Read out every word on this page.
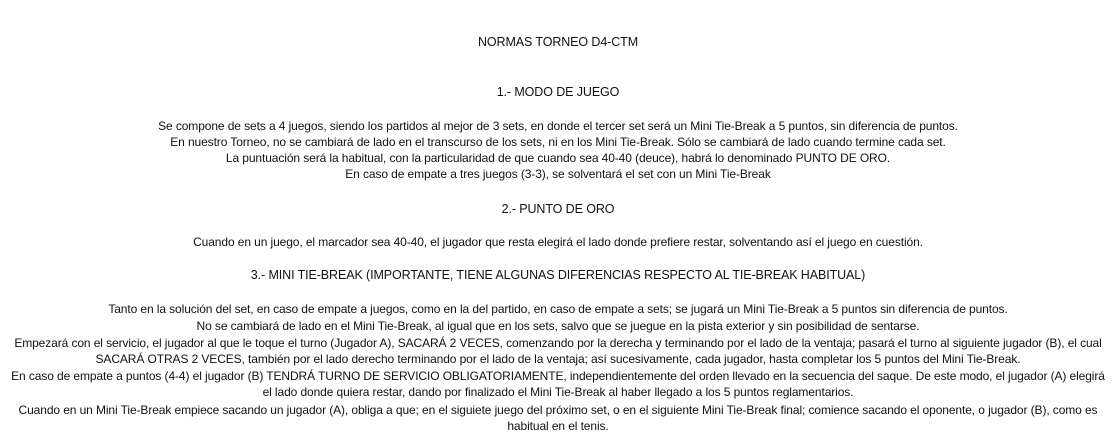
NORMAS TORNEO D4-CTM
1.- MODO DE JUEGO
Se compone de sets a 4 juegos, siendo los partidos al mejor de 3 sets, en donde el tercer set será un Mini Tie-Break a 5 puntos, sin diferencia de puntos.
En nuestro Torneo, no se cambiará de lado en el transcurso de los sets, ni en los Mini Tie-Break. Sólo se cambiará de lado cuando termine cada set.
La puntuación será la habitual, con la particularidad de que cuando sea 40-40 (deuce), habrá lo denominado PUNTO DE ORO.
En caso de empate a tres juegos (3-3), se solventará el set con un Mini Tie-Break
2.- PUNTO DE ORO
Cuando en un juego, el marcador sea 40-40, el jugador que resta elegirá el lado donde prefiere restar, solventando así el juego en cuestión.
3.- MINI TIE-BREAK (IMPORTANTE, TIENE ALGUNAS DIFERENCIAS RESPECTO AL TIE-BREAK HABITUAL)
Tanto en la solución del set, en caso de empate a juegos, como en la del partido, en caso de empate a sets; se jugará un Mini Tie-Break a 5 puntos sin diferencia de puntos.
No se cambiará de lado en el Mini Tie-Break, al igual que en los sets, salvo que se juegue en la pista exterior y sin posibilidad de sentarse.
Empezará con el servicio, el jugador al que le toque el turno (Jugador A), SACARÁ 2 VECES, comenzando por la derecha y terminando por el lado de la ventaja; pasará el turno al siguiente jugador (B), el cual
SACARÁ OTRAS 2 VECES, también por el lado derecho terminando por el lado de la ventaja; así sucesivamente, cada jugador, hasta completar los 5 puntos del Mini Tie-Break.
En caso de empate a puntos (4-4) el jugador (B) TENDRÁ TURNO DE SERVICIO OBLIGATORIAMENTE, independientemente del orden llevado en la secuencia del saque. De este modo, el jugador (A) elegirá
el lado donde quiera restar, dando por finalizado el Mini Tie-Break al haber llegado a los 5 puntos reglamentarios.
Cuando en un Mini Tie-Break empiece sacando un jugador (A), obliga a que; en el siguiete juego del próximo set, o en el siguiente Mini Tie-Break final; comience sacando el oponente, o jugador (B), como es
habitual en el tenis.
